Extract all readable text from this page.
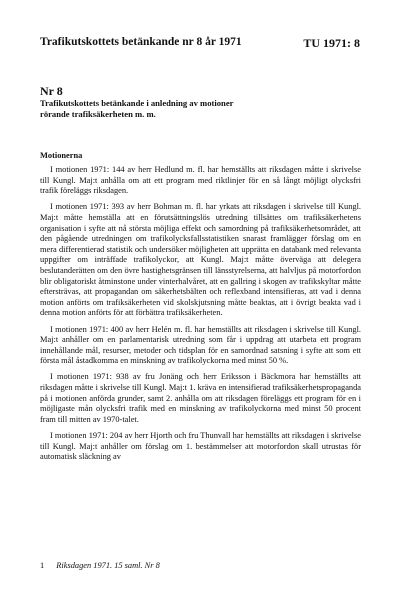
Trafikutskottets betänkande nr 8 år 1971	TU 1971: 8
Nr 8
Trafikutskottets betänkande i anledning av motioner
rörande trafiksäkerheten m. m.
Motionerna

I motionen 1971: 144 av herr Hedlund m. fl. har hemställts att riksdagen måtte i skrivelse till Kungl. Maj:t anhålla om att ett program med riktlinjer för en så långt möjligt olycksfri trafik föreläggs riksdagen.

I motionen 1971: 393 av herr Bohman m. fl. har yrkats att riksdagen i skrivelse till Kungl. Maj:t måtte hemställa att en förutsättningslös utredning tillsättes om trafiksäkerhetens organisation i syfte att nå största möjliga effekt och samordning på trafiksäkerhetsområdet, att den pågående utredningen om trafikolycksfallsstatistiken snarast framlägger förslag om en mera differentierad statistik och undersöker möjligheten att upprätta en databank med relevanta uppgifter om inträffade trafikolyckor, att Kungl. Maj:t måtte överväga att delegera beslutanderätten om den övre hastighetsgränsen till länsstyrelserna, att halvljus på motorfordon blir obligatoriskt åtminstone under vinterhalvåret, att en gallring i skogen av trafikskyltar måtte eftersträvas, att propagandan om säkerhetsbälten och reflexband intensifieras, att vad i denna motion anförts om trafiksäkerheten vid skolskjutsning måtte beaktas, att i övrigt beakta vad i denna motion anförts för att förbättra trafiksäkerheten.

I motionen 1971: 400 av herr Helén m. fl. har hemställts att riksdagen i skrivelse till Kungl. Maj:t anhåller om en parlamentarisk utredning som får i uppdrag att utarbeta ett program innehållande mål, resurser, metoder och tidsplan för en samordnad satsning i syfte att som ett första mål åstadkomma en minskning av trafikolyckorna med minst 50 %.

I motionen 1971: 938 av fru Jonäng och herr Eriksson i Bäckmora har hemställts att riksdagen måtte i skrivelse till Kungl. Maj:t 1. kräva en intensifierad trafiksäkerhetspropaganda på i motionen anförda grunder, samt 2. anhålla om att riksdagen föreläggs ett program för en i möjligaste mån olycksfri trafik med en minskning av trafikolyckorna med minst 50 procent fram till mitten av 1970-talet.

I motionen 1971: 204 av herr Hjorth och fru Thunvall har hemställts att riksdagen i skrivelse till Kungl. Maj:t anhåller om förslag om 1. bestämmelser att motorfordon skall utrustas för automatisk släckning av

1 Riksdagen 1971. 15 saml. Nr 8
